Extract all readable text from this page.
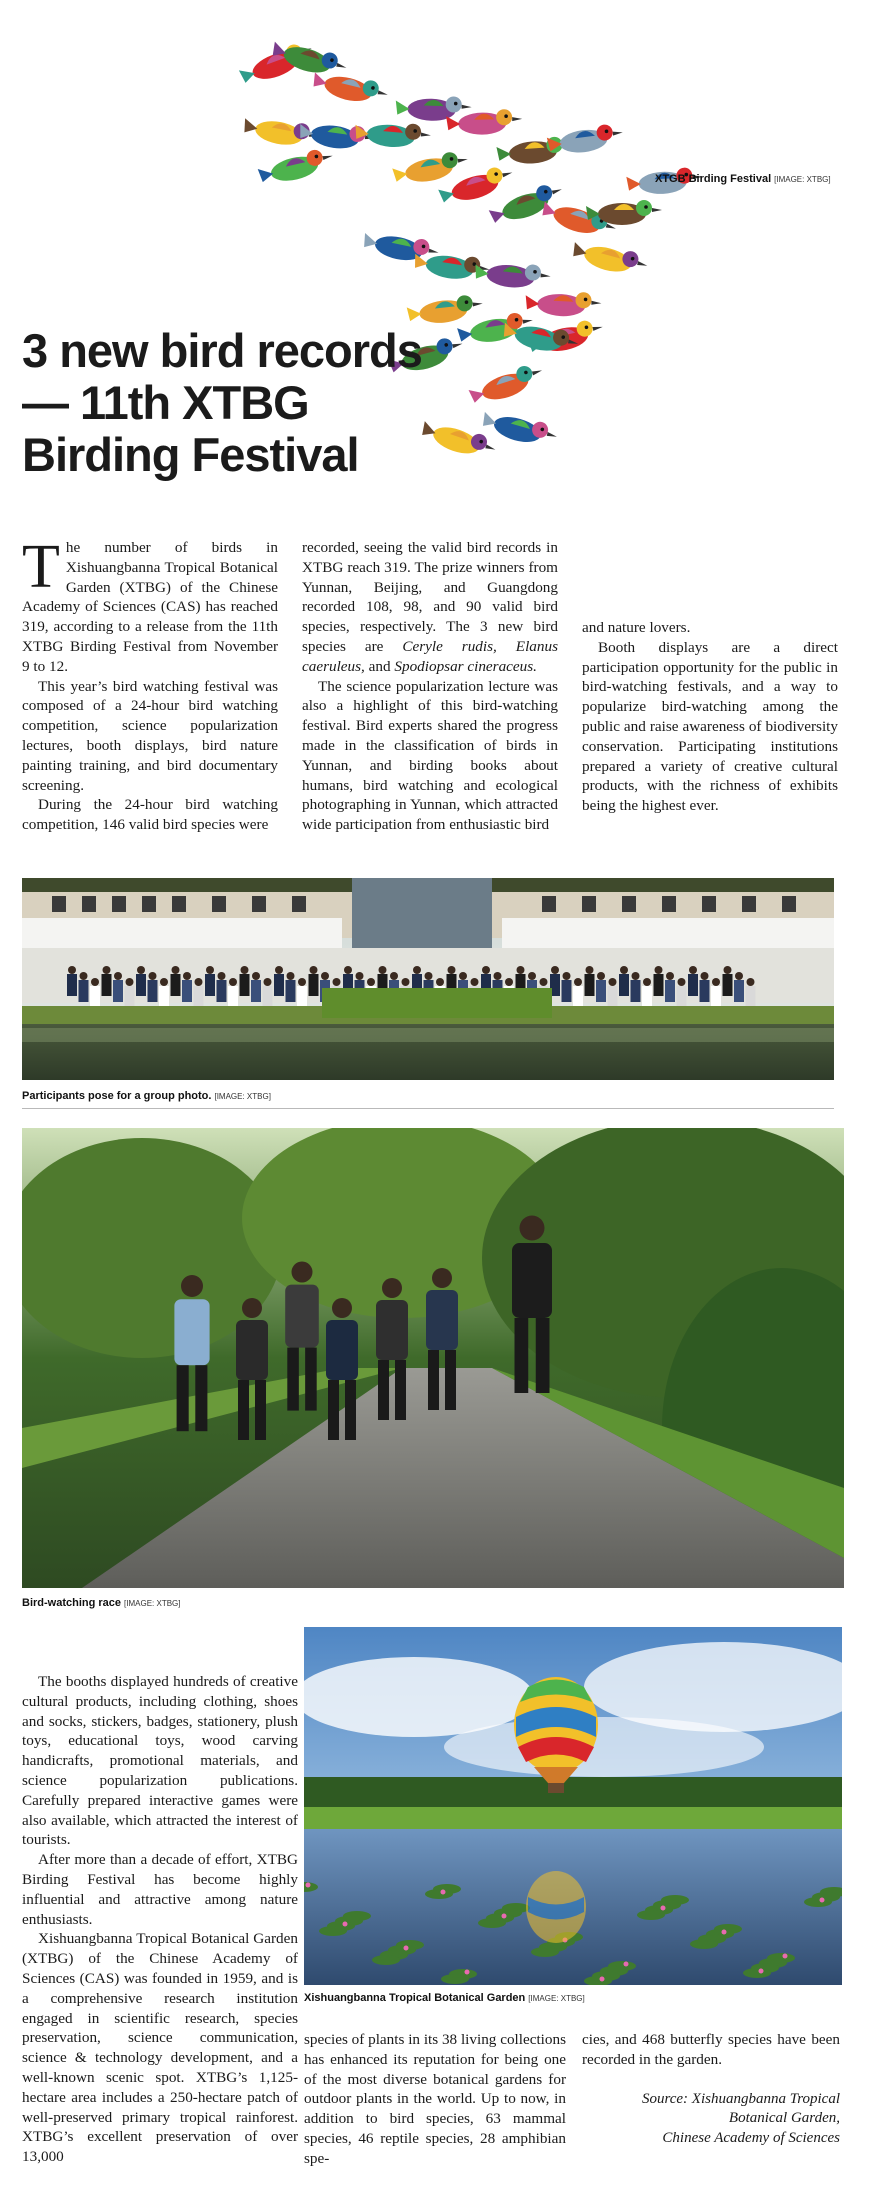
XTGB Birding Festival [IMAGE: XTBG]
3 new bird records
— 11th XTBG
Birding Festival

The number of birds in Xishuangbanna Tropical Botanical Garden (XTBG) of the Chinese Academy of Sciences (CAS) has reached 319, according to a release from the 11th XTBG Birding Festival from November 9 to 12.

This year’s bird watching festival was composed of a 24-hour bird watching competition, science popularization lectures, booth displays, bird nature painting training, and bird documentary screening.

During the 24-hour bird watching competition, 146 valid bird species were

recorded, seeing the valid bird records in XTBG reach 319. The prize winners from Yunnan, Beijing, and Guangdong recorded 108, 98, and 90 valid bird species, respectively. The 3 new bird species are Ceryle rudis, Elanus caeruleus, and Spodiopsar cineraceus.

The science popularization lecture was also a highlight of this bird-watching festival. Bird experts shared the progress made in the classification of birds in Yunnan, and birding books about humans, bird watching and ecological photographing in Yunnan, which attracted wide participation from enthusiastic bird

and nature lovers.

Booth displays are a direct participation opportunity for the public in bird-watching festivals, and a way to popularize bird-watching among the public and raise awareness of biodiversity conservation. Participating institutions prepared a variety of creative cultural products, with the richness of exhibits being the highest ever.

Participants pose for a group photo. [IMAGE: XTBG]
Bird-watching race [IMAGE: XTBG]
Xishuangbanna Tropical Botanical Garden [IMAGE: XTBG]

The booths displayed hundreds of creative cultural products, including clothing, shoes and socks, stickers, badges, stationery, plush toys, educational toys, wood carving handicrafts, promotional materials, and science popularization publications. Carefully prepared interactive games were also available, which attracted the interest of tourists.

After more than a decade of effort, XTBG Birding Festival has become highly influential and attractive among nature enthusiasts.

Xishuangbanna Tropical Botanical Garden (XTBG) of the Chinese Academy of Sciences (CAS) was founded in 1959, and is a comprehensive research institution engaged in scientific research, species preservation, science communication, science & technology development, and a well-known scenic spot. XTBG’s 1,125-hectare area includes a 250-hectare patch of well-preserved primary tropical rainforest. XTBG’s excellent preservation of over 13,000

species of plants in its 38 living collections has enhanced its reputation for being one of the most diverse botanical gardens for outdoor plants in the world. Up to now, in addition to bird species, 63 mammal species, 46 reptile species, 28 amphibian spe-

cies, and 468 butterfly species have been recorded in the garden.

Source: Xishuangbanna Tropical
Botanical Garden,
Chinese Academy of Sciences
